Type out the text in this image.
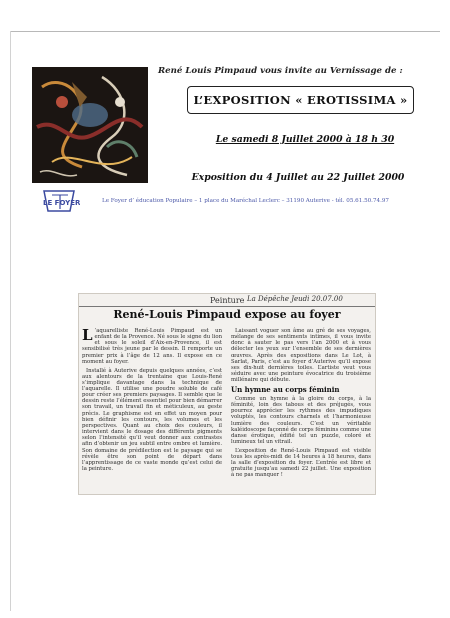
René Louis Pimpaud vous invite au Vernissage de :
L’EXPOSITION « EROTISSIMA »
Le samedi 8 Juillet 2000 à 18 h 30
Exposition du 4 Juillet au 22 Juillet 2000
LE FOYER	Le Foyer d’ éducation Populaire – 1 place du Maréchal Leclerc – 31190 Auterive - tél. 05.61.50.74.97
Peinture La Dépêche Jeudi 20.07.00
René-Louis Pimpaud expose au foyer

L ’aquarelliste René-Louis Pimpaud est un enfant de la Provence. Né sous le signe du lion et sous le soleil d’Aix-en-Provence, il est sensibilisé très jeune par le dessin. Il remporte un premier prix à l’âge de 12 ans. Il expose en ce moment au foyer.

Installé à Auterive depuis quelques années, c’est aux alentours de la trentaine que Louis-René s’implique davantage dans la technique de l’aquarelle. Il utilise une poudre soluble de café pour créer ses premiers paysages. Il semble que le dessin reste l’élément essentiel pour bien démarrer son travail, un travail fin et méticuleux, au geste précis. Le graphisme est en effet un moyen pour bien définir les contours, les volumes et les perspectives. Quant au choix des couleurs, il intervient dans le dosage des différents pigments selon l’intensité qu’il veut donner aux contrastes afin d’obtenir un jeu subtil entre ombre et lumière. Son domaine de prédilection est le paysage qui se révèle être son point de départ dans l’apprentissage de ce vaste monde qu’est celui de la peinture.

Laissant voguer son âme au gré de ses voyages, mélange de ses sentiments intimes, il vous invite donc à sauter le pas vers l’an 2000 et à vous délecter les yeux sur l’ensemble de ses dernières œuvres. Après des expositions dans Le Lot, à Sarlat, Paris, c’est au foyer d’Auterive qu’il expose ses dix-huit dernières toiles. L’artiste veut vous séduire avec une peinture évocatrice du troisième millénaire qui débute.

Un hymne au corps féminin

Comme un hymne à la gloire du corps, à la féminité, loin des tabous et des préjugés, vous pourrez apprécier les rythmes des impudiques voluptés, les contours charnels et l’harmonieuse lumière des couleurs. C’est un véritable kaléidoscope façonné de corps féminins comme une danse érotique, édifié tel un puzzle, coloré et lumineux tel un vitrail.

L’exposition de René-Louis Pimpaud est visible tous les après-midi de 14 heures à 18 heures, dans la salle d’exposition du foyer. L’entrée est libre et gratuite jusqu’au samedi 22 juillet. Une exposition à ne pas manquer !
